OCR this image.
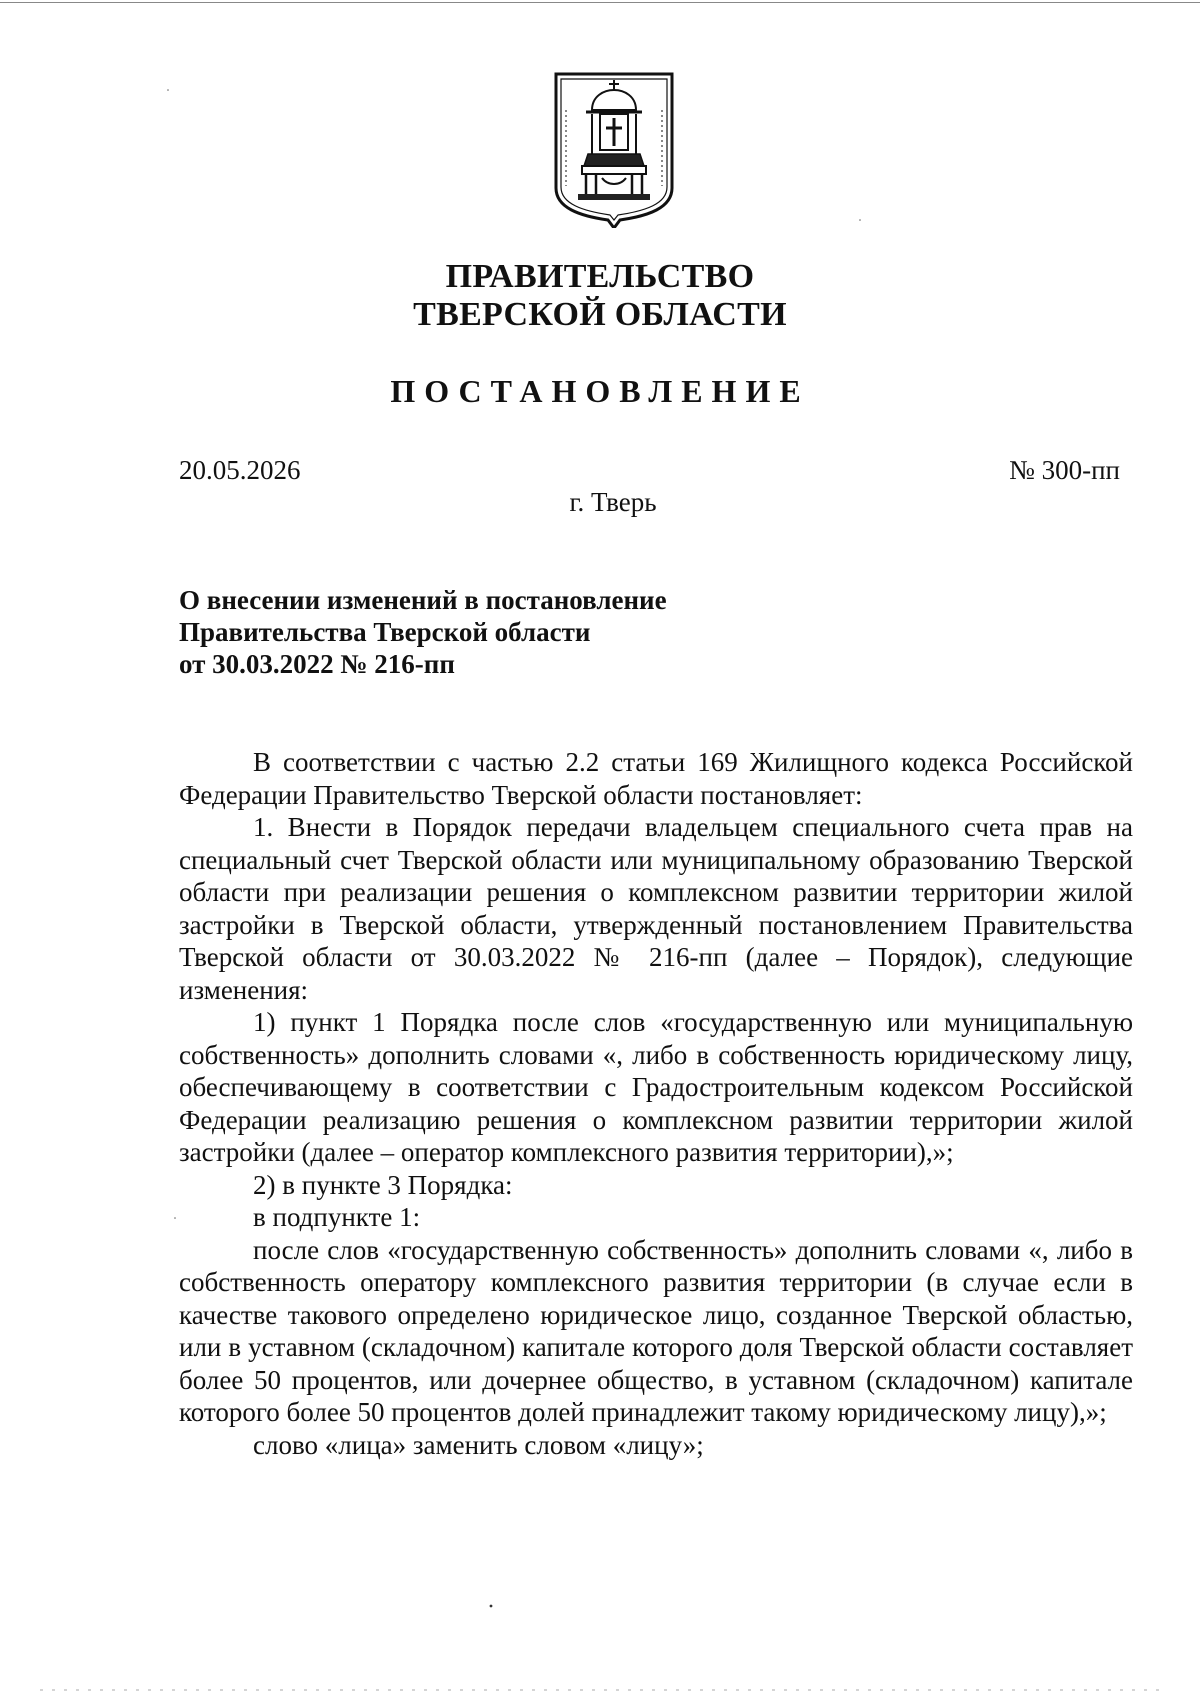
ПРАВИТЕЛЬСТВО
ТВЕРСКОЙ ОБЛАСТИ
ПОСТАНОВЛЕНИЕ
20.05.2026	№ 300-пп
г. Тверь
О внесении изменений в постановление
Правительства Тверской области
от 30.03.2022 № 216-пп

В соответствии с частью 2.2 статьи 169 Жилищного кодекса Российской Федерации Правительство Тверской области постановляет:

1. Внести в Порядок передачи владельцем специального счета прав на специальный счет Тверской области или муниципальному образованию Тверской области при реализации решения о комплексном развитии территории жилой застройки в Тверской области, утвержденный постановлением Правительства Тверской области от 30.03.2022 № 216-пп (далее – Порядок), следующие изменения:

1) пункт 1 Порядка после слов «государственную или муниципальную собственность» дополнить словами «, либо в собственность юридическому лицу, обеспечивающему в соответствии с Градостроительным кодексом Российской Федерации реализацию решения о комплексном развитии территории жилой застройки (далее – оператор комплексного развития территории),»;

2) в пункте 3 Порядка:

в подпункте 1:

после слов «государственную собственность» дополнить словами «, либо в собственность оператору комплексного развития территории (в случае если в качестве такового определено юридическое лицо, созданное Тверской областью, или в уставном (складочном) капитале которого доля Тверской области составляет более 50 процентов, или дочернее общество, в уставном (складочном) капитале которого более 50 процентов долей принадлежит такому юридическому лицу),»;

слово «лица» заменить словом «лицу»;
